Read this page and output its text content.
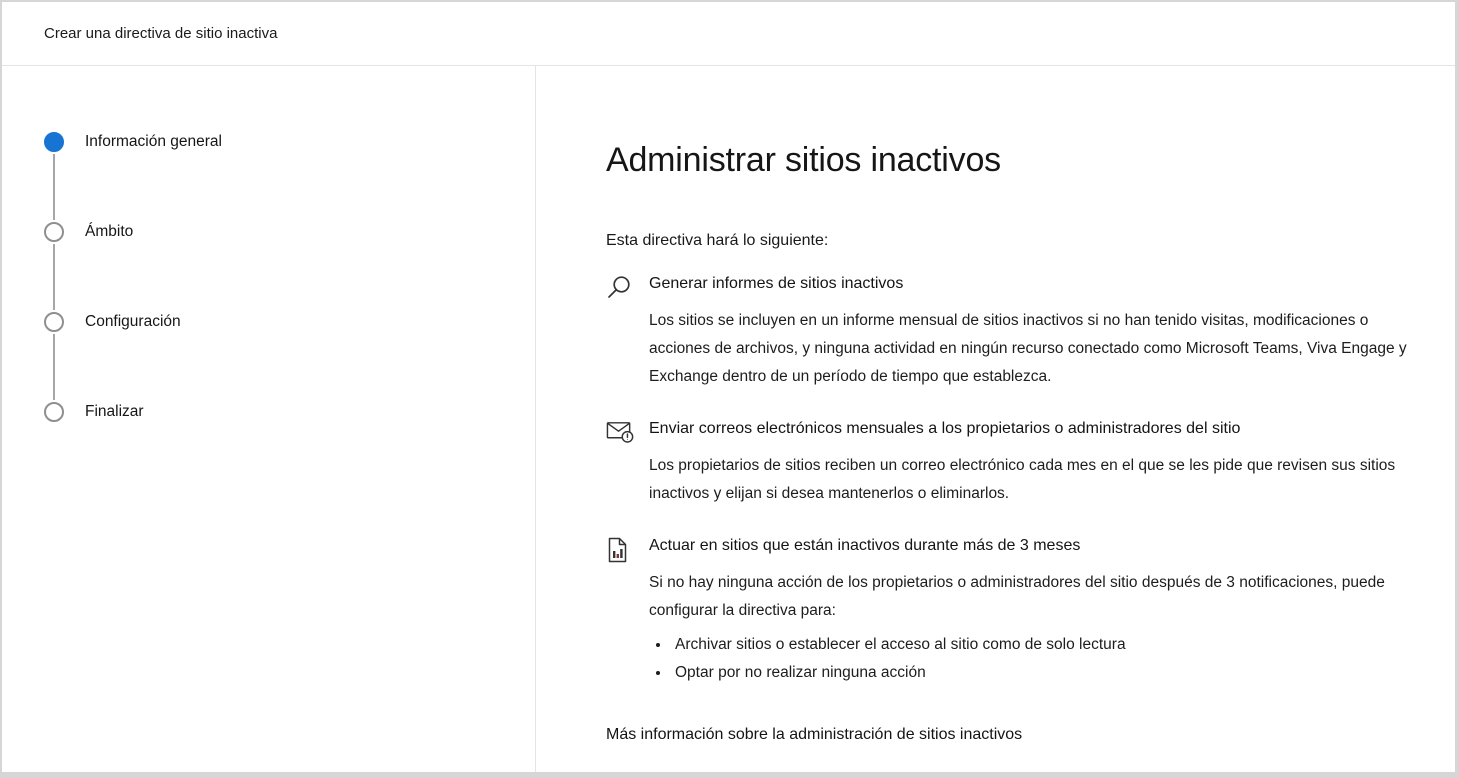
Crear una directiva de sitio inactiva
Información general
Ámbito
Configuración
Finalizar
Administrar sitios inactivos

Esta directiva hará lo siguiente:

Generar informes de sitios inactivos
Los sitios se incluyen en un informe mensual de sitios inactivos si no han tenido visitas, modificaciones o acciones de archivos, y ninguna actividad en ningún recurso conectado como Microsoft Teams, Viva Engage y Exchange dentro de un período de tiempo que establezca.
Enviar correos electrónicos mensuales a los propietarios o administradores del sitio
Los propietarios de sitios reciben un correo electrónico cada mes en el que se les pide que revisen sus sitios inactivos y elijan si desea mantenerlos o eliminarlos.
Actuar en sitios que están inactivos durante más de 3 meses
Si no hay ninguna acción de los propietarios o administradores del sitio después de 3 notificaciones, puede configurar la directiva para:
• Archivar sitios o establecer el acceso al sitio como de solo lectura
• Optar por no realizar ninguna acción
Más información sobre la administración de sitios inactivos
